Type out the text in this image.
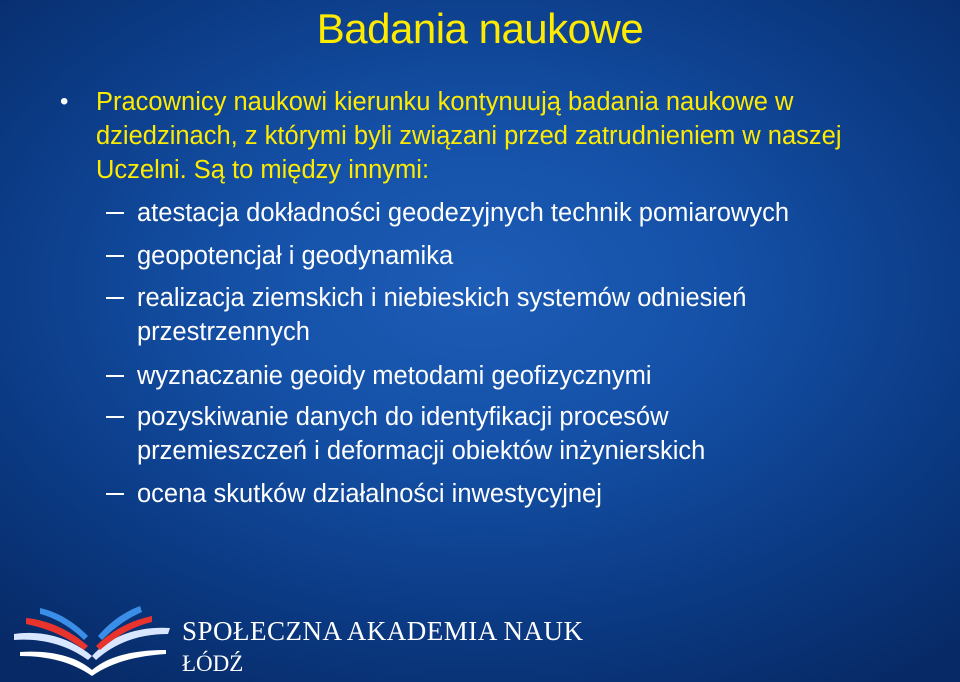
Badania naukowe
• Pracownicy naukowi kierunku kontynuują badania naukowe w dziedzinach, z którymi byli związani przed zatrudnieniem w naszej Uczelni. Są to między innymi:
atestacja dokładności geodezyjnych technik pomiarowych
geopotencjał i geodynamika
realizacja ziemskich i niebieskich systemów odniesień przestrzennych
wyznaczanie geoidy metodami geofizycznymi
pozyskiwanie danych do identyfikacji procesów przemieszczeń i deformacji obiektów inżynierskich
ocena skutków działalności inwestycyjnej
SPOŁECZNA AKADEMIA NAUK
ŁÓDŹ
